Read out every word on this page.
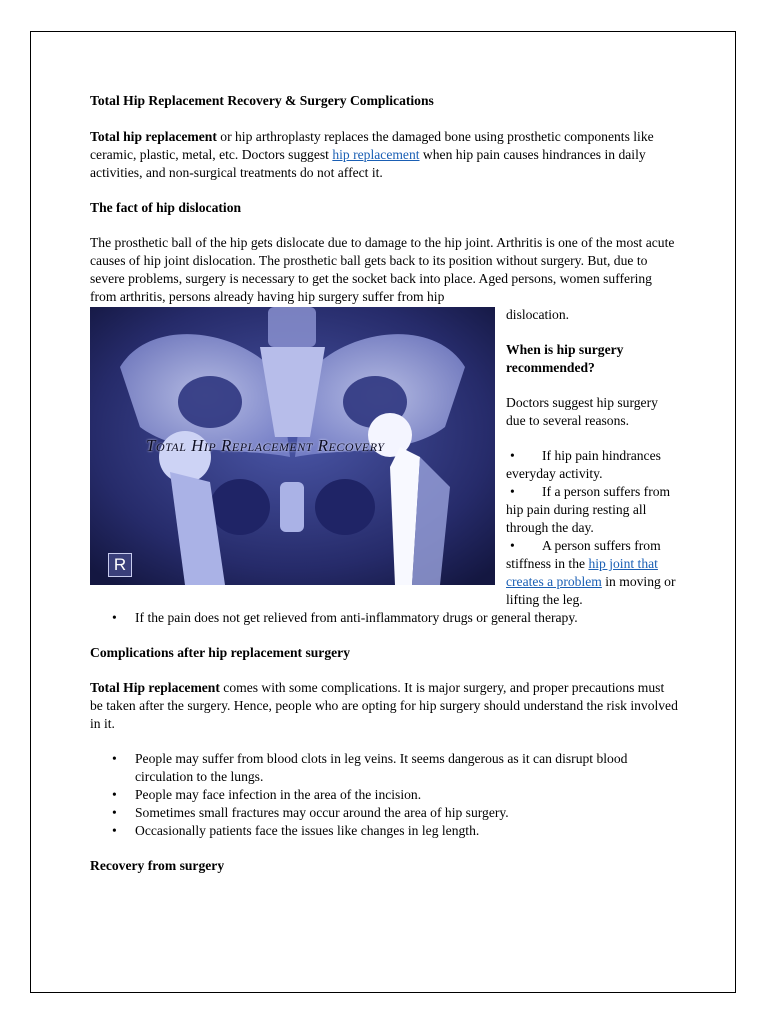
Total Hip Replacement Recovery & Surgery Complications

Total hip replacement or hip arthroplasty replaces the damaged bone using prosthetic components like ceramic, plastic, metal, etc. Doctors suggest hip replacement when hip pain causes hindrances in daily activities, and non-surgical treatments do not affect it.

The fact of hip dislocation

The prosthetic ball of the hip gets dislocate due to damage to the hip joint. Arthritis is one of the most acute causes of hip joint dislocation. The prosthetic ball gets back to its position without surgery. But, due to severe problems, surgery is necessary to get the socket back into place. Aged persons, women suffering from arthritis, persons already having hip surgery suffer from hip

Total Hip Replacement Recovery
R

dislocation.

When is hip surgery recommended?

Doctors suggest hip surgery due to several reasons.

• If hip pain hindrances everyday activity.
• If a person suffers from hip pain during resting all through the day.
• A person suffers from stiffness in the hip joint that creates a problem in moving or lifting the leg.
• If the pain does not get relieved from anti-inflammatory drugs or general therapy.

Complications after hip replacement surgery

Total Hip replacement comes with some complications. It is major surgery, and proper precautions must be taken after the surgery. Hence, people who are opting for hip surgery should understand the risk involved in it.

• People may suffer from blood clots in leg veins. It seems dangerous as it can disrupt blood circulation to the lungs.
• People may face infection in the area of the incision.
• Sometimes small fractures may occur around the area of hip surgery.
• Occasionally patients face the issues like changes in leg length.

Recovery from surgery
